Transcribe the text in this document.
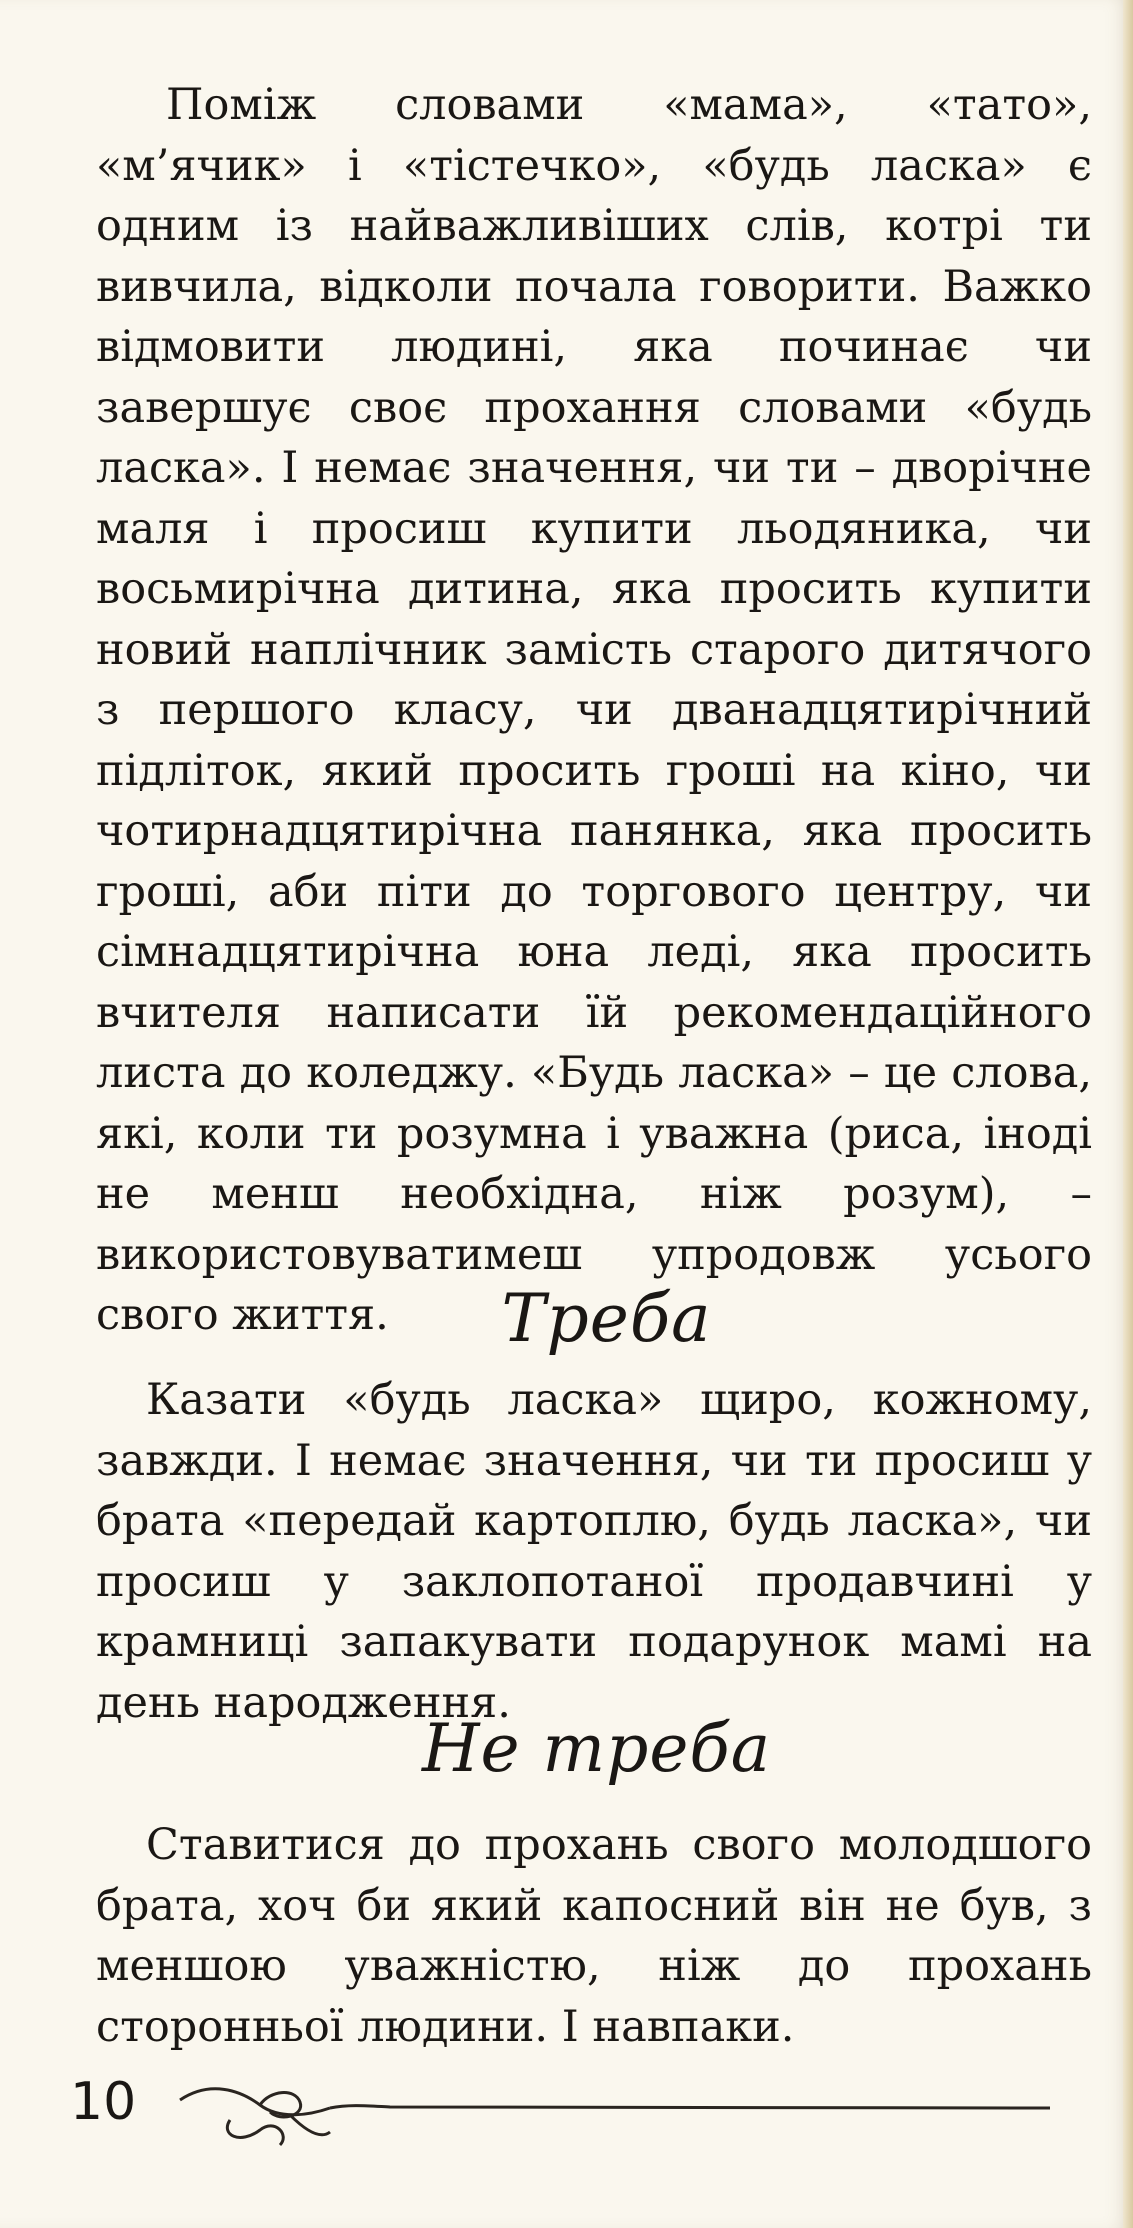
Поміж словами «мама», «тато», «м’ячик» і «тістечко», «будь ласка» є одним із найважливіших слів, котрі ти вивчила, відколи почала говорити. Важко відмовити людині, яка починає чи завершує своє прохання словами «будь ласка». І немає значення, чи ти – дворічне маля і просиш купити льодяника, чи восьмирічна дитина, яка просить купити новий наплічник замість старого дитячого з першого класу, чи дванадцятирічний підліток, який просить гроші на кіно, чи чотирнадцятирічна панянка, яка просить гроші, аби піти до торгового центру, чи сімнадцятирічна юна леді, яка просить вчителя написати їй рекомендаційного листа до коледжу. «Будь ласка» – це слова, які, коли ти розумна і уважна (риса, іноді не менш необхідна, ніж розум), – використовуватимеш упродовж усього свого життя.	Треба

Казати «будь ласка» щиро, кожному, завжди. І немає значення, чи ти просиш у брата «передай картоплю, будь ласка», чи просиш у заклопотаної продавчині у крамниці запакувати подарунок мамі на день народження.

Не треба

Ставитися до прохань свого молодшого брата, хоч би який капосний він не був, з меншою уважністю, ніж до прохань сторонньої людини. І навпаки.

10
